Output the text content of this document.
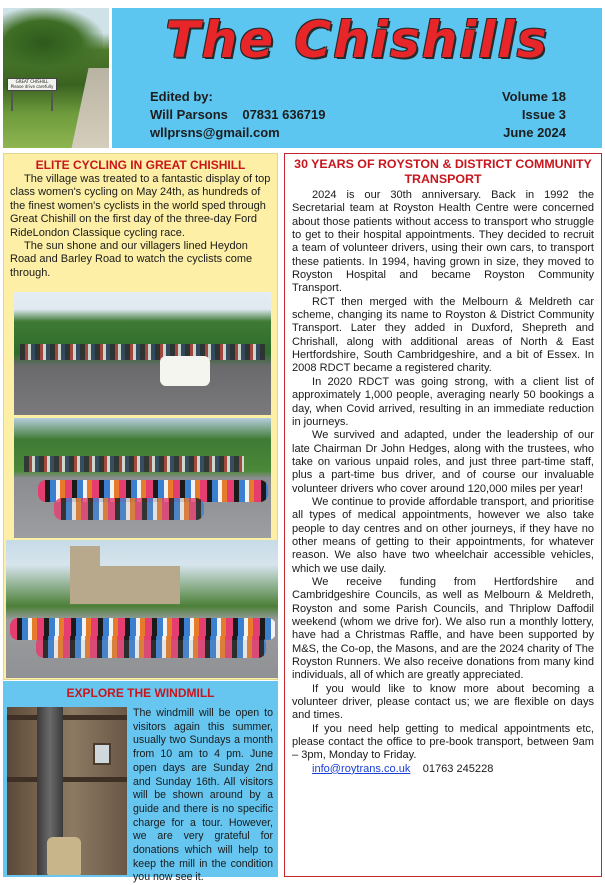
GREAT CHISHILL
Please drive carefully
The Chishills
Edited by:
Will Parsons    07831 636719
wllprsns@gmail.com
Volume 18
Issue 3
June 2024
ELITE CYCLING IN GREAT CHISHILL

The village was treated to a fantastic display of top class women's cycling on May 24th, as hundreds of the finest women's cyclists in the world sped through Great Chishill on the first day of the three-day Ford RideLondon Classique cycling race.

The sun shone and our villagers lined Heydon Road and Barley Road to watch the cyclists come through.

EXPLORE THE WINDMILL
The windmill will be open to visitors again this summer, usually two Sundays a month from 10 am to 4 pm. June open days are Sunday 2nd and Sunday 16th. All visitors will be shown around by a guide and there is no specific charge for a tour. However, we are very grateful for donations which will help to keep the mill in the condition you now see it.
30 YEARS OF ROYSTON & DISTRICT COMMUNITY
TRANSPORT

2024 is our 30th anniversary. Back in 1992 the Secretarial team at Royston Health Centre were concerned about those patients without access to transport who struggle to get to their hospital appointments. They decided to recruit a team of volunteer drivers, using their own cars, to transport these patients. In 1994, having grown in size, they moved to Royston Hospital and became Royston Community Transport.

RCT then merged with the Melbourn & Meldreth car scheme, changing its name to Royston & District Community Transport. Later they added in Duxford, Shepreth and Chrishall, along with additional areas of North & East Hertfordshire, South Cambridgeshire, and a bit of Essex. In 2008 RDCT became a registered charity.

In 2020 RDCT was going strong, with a client list of approximately 1,000 people, averaging nearly 50 bookings a day, when Covid arrived, resulting in an immediate reduction in journeys.

We survived and adapted, under the leadership of our late Chairman Dr John Hedges, along with the trustees, who take on various unpaid roles, and just three part-time staff, plus a part-time bus driver, and of course our invaluable volunteer drivers who cover around 120,000 miles per year!

We continue to provide affordable transport, and prioritise all types of medical appointments, however we also take people to day centres and on other journeys, if they have no other means of getting to their appointments, for whatever reason. We also have two wheelchair accessible vehicles, which we use daily.

We receive funding from Hertfordshire and Cambridgeshire Councils, as well as Melbourn & Meldreth, Royston and some Parish Councils, and Thriplow Daffodil weekend (whom we drive for). We also run a monthly lottery, have had a Christmas Raffle, and have been supported by M&S, the Co-op, the Masons, and are the 2024 charity of The Royston Runners. We also receive donations from many kind individuals, all of which are greatly appreciated.

If you would like to know more about becoming a volunteer driver, please contact us; we are flexible on days and times.

If you need help getting to medical appointments etc, please contact the office to pre-book transport, between 9am – 3pm, Monday to Friday.

info@roytrans.co.uk 01763 245228
